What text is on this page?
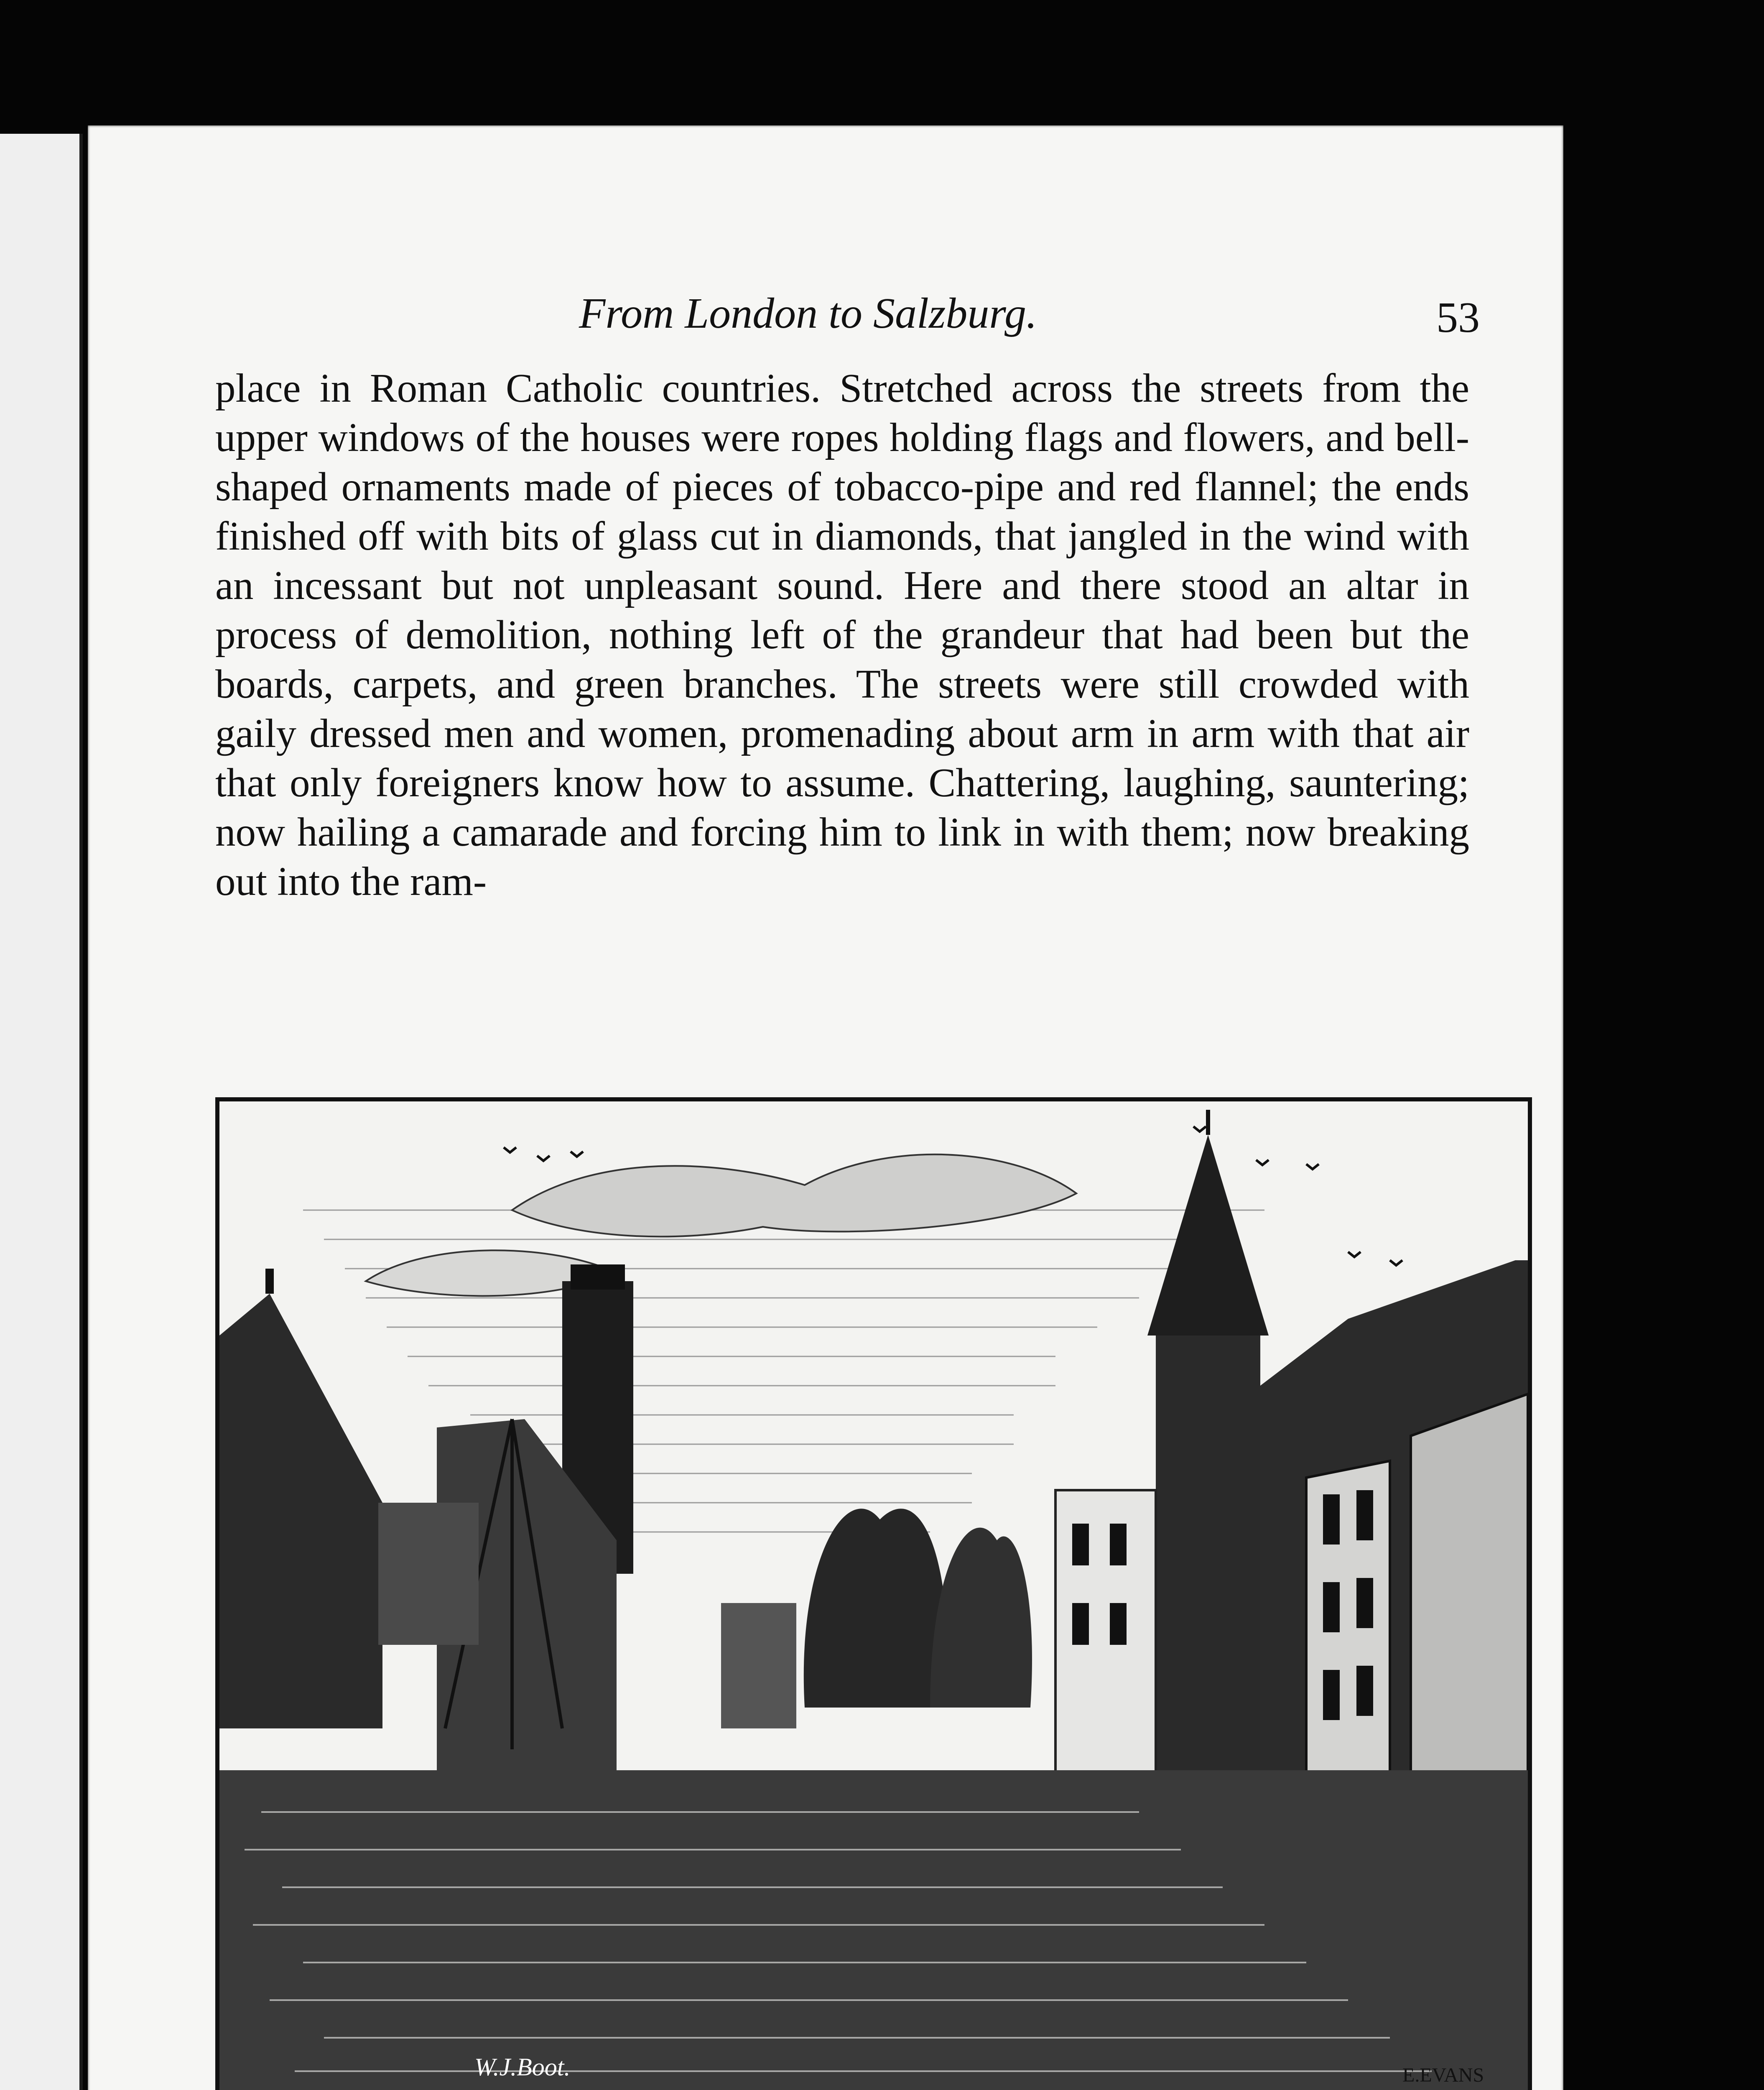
From London to Salzburg.	53

place in Roman Catholic countries. Stretched across the streets from the upper windows of the houses were ropes holding flags and flowers, and bell-shaped ornaments made of pieces of tobacco-pipe and red flannel; the ends finished off with bits of glass cut in diamonds, that jangled in the wind with an incessant but not unpleasant sound. Here and there stood an altar in process of demolition, nothing left of the grandeur that had been but the boards, carpets, and green branches. The streets were still crowded with gaily dressed men and women, promenading about arm in arm with that air that only foreigners know how to assume. Chattering, laughing, sauntering; now hailing a camarade and forcing him to link in with them; now breaking out into the ram-

W.J.Boot.	E.EVANS
